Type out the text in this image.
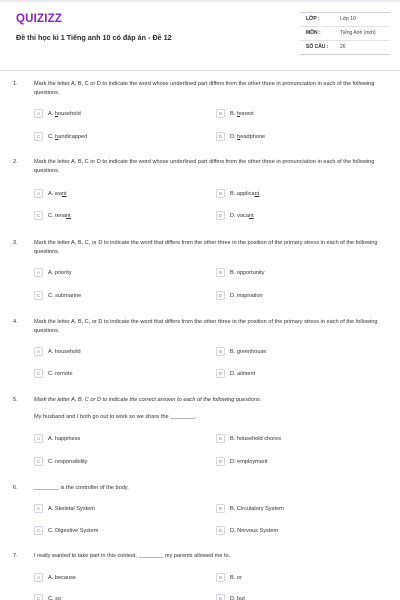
QUIZIZZ
Đề thi học kì 1 Tiếng anh 10 có đáp án - Đề 12
LỚP :	Lớp 10
MÔN :	Tiếng Anh (mới)
SỐ CÂU : 26
1.	Mark the letter A, B, C or D to indicate the word whose underlined part differs from the other three in pronunciation in each of the following questions.
A	A. household	B	B. honest
C	C. handicapped	D	D. headphone
2.	Mark the letter A, B, C or D to indicate the word whose underlined part differs from the other three in pronunciation in each of the following questions.
A	A. want	B	B. applicant
C	C. tenant	D	D. vacant
3.	Mark the letter A, B, C, or D to indicate the word that differs from the other three in the position of the primary stress in each of the following questions.
A	A. priority	B	B. opportunity
C	C. submarine	D	D. inspiration
4.	Mark the letter A, B, C, or D to indicate the word that differs from the other three in the position of the primary stress in each of the following questions.
A	A. household	B	B. greenhouse
C	C. remote	D	D. ailment
5.	Mark the letter A, B, C or D to indicate the correct answer to each of the following questions.
My husband and I both go out to work so we share the ________.
A	A. happiness	B	B. household chores
C	C. responsibility	D	D. employment
6.	________ is the controller of the body.
A	A. Skeletal System	B	B. Circulatory System
C	C. Digestive System	D	D. Nervous System
7.	I really wanted to take part in this contest, ________ my parents allowed me to.
A	A. because	B	B. or
C	C. so	D	D. but
